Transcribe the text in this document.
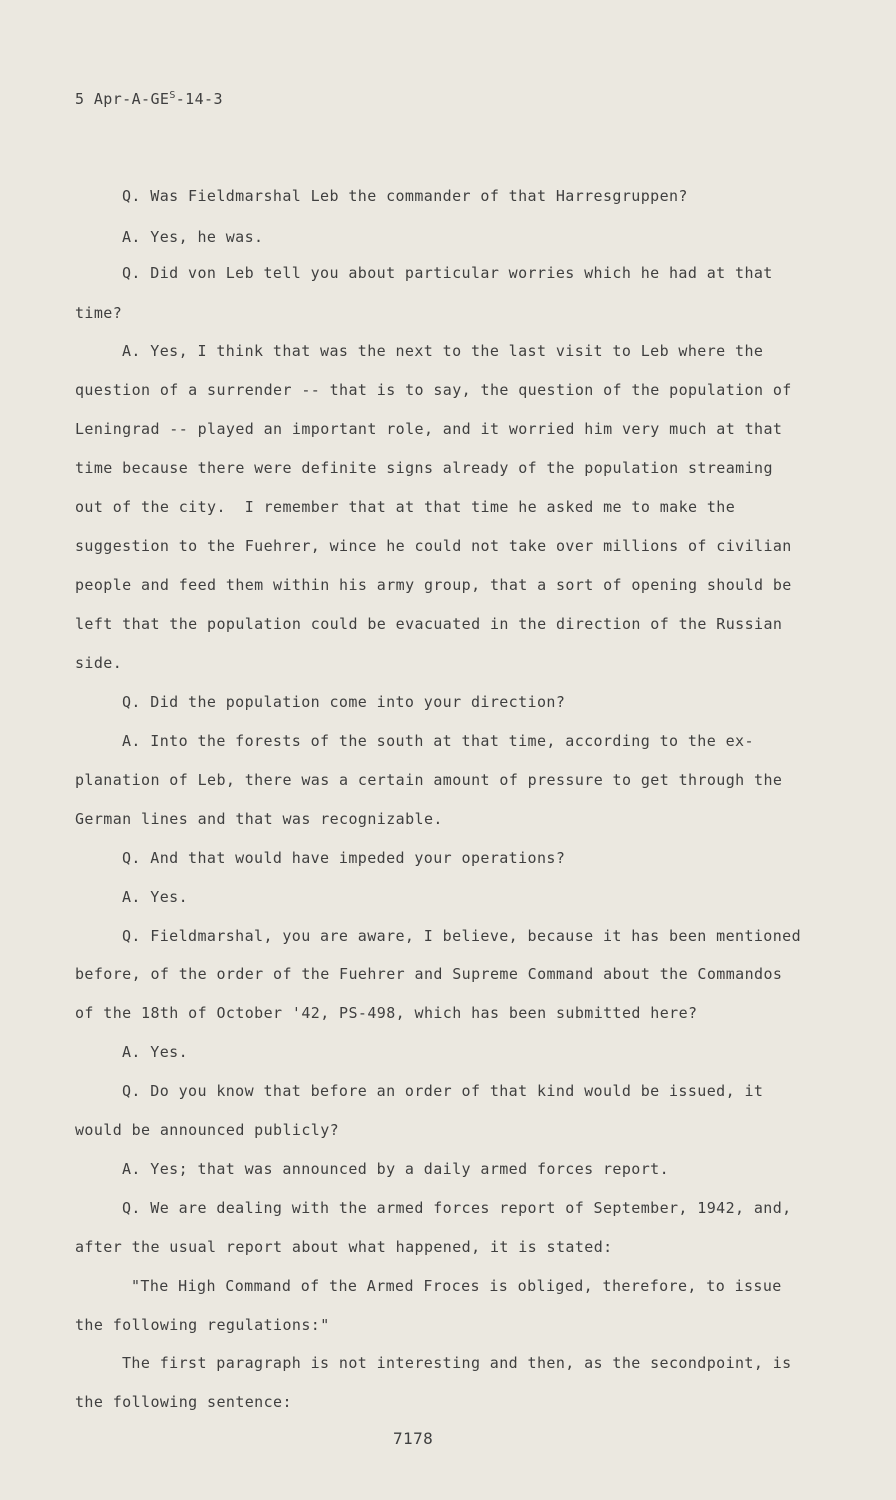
5 Apr-$A-GE^S-14-3$
Q. Was Fieldmarshal Leb the commander of that Harresgruppen?
A. Yes, he was.
Q. Did von Leb tell you about particular worries which he had at that
time?
A. Yes, I think that was the next to the last visit to Leb where the
question of a surrender -- that is to say, the question of the population of
Leningrad -- played an important role, and it worried him very much at that
time because there were definite signs already of the population streaming
out of the city.  I remember that at that time he asked me to make the
suggestion to the Fuehrer, wince he could not take over millions of civilian
people and feed them within his army group, that a sort of opening should be
left that the population could be evacuated in the direction of the Russian
side.
Q. Did the population come into your direction?
A. Into the forests of the south at that time, according to the ex-
planation of Leb, there was a certain amount of pressure to get through the
German lines and that was recognizable.
Q. And that would have impeded your operations?
A. Yes.
Q. Fieldmarshal, you are aware, I believe, because it has been mentioned
before, of the order of the Fuehrer and Supreme Command about the Commandos
of the 18th of October '42, PS-498, which has been submitted here?
A. Yes.
Q. Do you know that before an order of that kind would be issued, it
would be announced publicly?
A. Yes; that was announced by a daily armed forces report.
Q. We are dealing with the armed forces report of September, 1942, and,
after the usual report about what happened, it is stated:
"The High Command of the Armed Froces is obliged, therefore, to issue
the following regulations:"
The first paragraph is not interesting and then, as the secondpoint, is
the following sentence:
7178
